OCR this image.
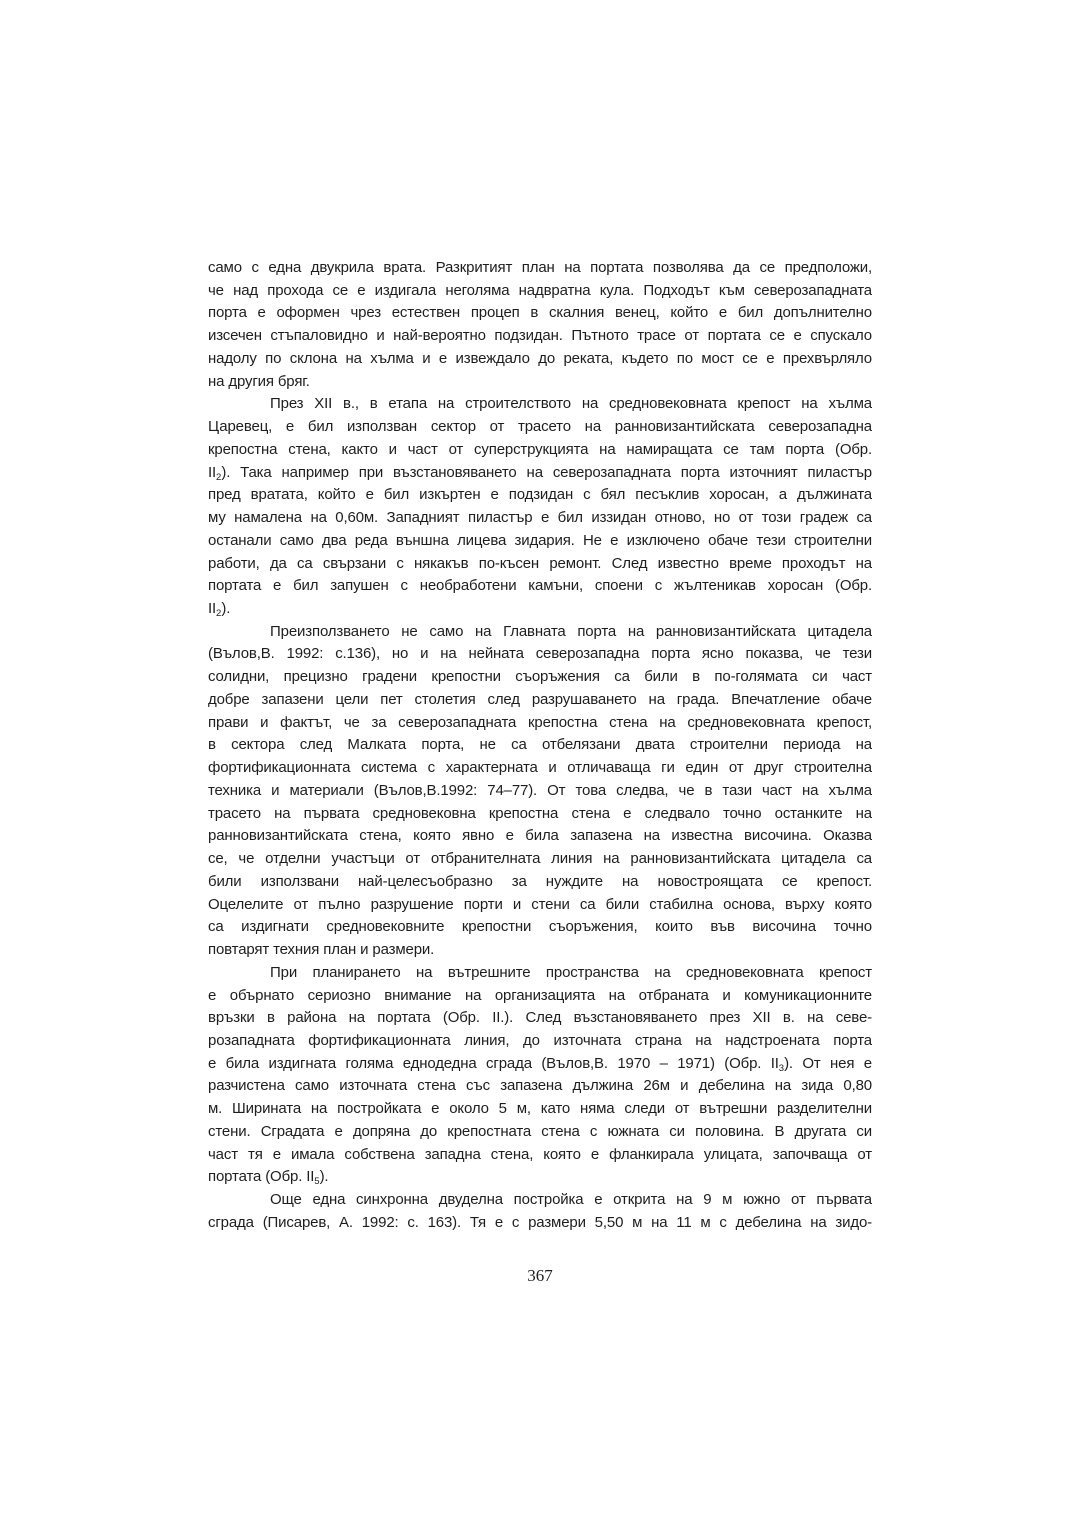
само с една двукрила врата. Разкритият план на портата позволява да се предположи,
че над прохода се е издигала неголяма надвратна кула. Подходът към северозападната
порта е оформен чрез естествен процеп в скалния венец, който е бил допълнително
изсечен стъпаловидно и най-вероятно подзидан. Пътното трасе от портата се е спускало
надолу по склона на хълма и е извеждало до реката, където по мост се е прехвърляло
на другия бряг.
През XII в., в етапа на строителството на средновековната крепост на хълма
Царевец, е бил използван сектор от трасето на ранновизантийската северозападна
крепостна стена, както и част от суперструкцията на намиращата се там порта (Обр.
$II_2$). Така например при възстановяването на северозападната порта източният пиластър
пред вратата, който е бил изкъртен е подзидан с бял песъклив хоросан, а дължината
му намалена на 0,60м. Западният пиластър е бил иззидан отново, но от този градеж са
останали само два реда външна лицева зидария. Не е изключено обаче тези строителни
работи, да са свързани с някакъв по-късен ремонт. След известно време проходът на
портата е бил запушен с необработени камъни, споени с жълтеникав хоросан (Обр.
$II_2$).
Преизползването не само на Главната порта на ранновизантийската цитадела
(Вълов,В. 1992: с.136), но и на нейната северозападна порта ясно показва, че тези
солидни, прецизно градени крепостни съоръжения са били в по-голямата си част
добре запазени цели пет столетия след разрушаването на града. Впечатление обаче
прави и фактът, че за северозападната крепостна стена на средновековната крепост,
в сектора след Малката порта, не са отбелязани двата строителни периода на
фортификационната система с характерната и отличаваща ги един от друг строителна
техника и материали (Вълов,В.1992: 74–77). От това следва, че в тази част на хълма
трасето на първата средновековна крепостна стена е следвало точно останките на
ранновизантийската стена, която явно е била запазена на известна височина. Оказва
се, че отделни участъци от отбранителната линия на ранновизантийската цитадела са
били използвани най-целесъобразно за нуждите на новостроящата се крепост.
Оцелелите от пълно разрушение порти и стени са били стабилна основа, върху която
са издигнати средновековните крепостни съоръжения, които във височина точно
повтарят техния план и размери.
При планирането на вътрешните пространства на средновековната крепост
е обърнато сериозно внимание на организацията на отбраната и комуникационните
връзки в района на портата (Обр. II.). След възстановяването през XII в. на севе-
розападната фортификационната линия, до източната страна на надстроената порта
е била издигната голяма еднодедна сграда (Вълов,В. 1970 – 1971) (Обр. $II_3$). От нея е
разчистена само източната стена със запазена дължина 26м и дебелина на зида 0,80
м. Ширината на постройката е около 5 м, като няма следи от вътрешни разделителни
стени. Сградата е допряна до крепостната стена с южната си половина. В другата си
част тя е имала собствена западна стена, която е фланкирала улицата, започваща от
портата (Обр. $II_5$).
Още една синхронна двуделна постройка е открита на 9 м южно от първата
сграда (Писарев, А. 1992: с. 163). Тя е с размери 5,50 м на 11 м с дебелина на зидо-
367
